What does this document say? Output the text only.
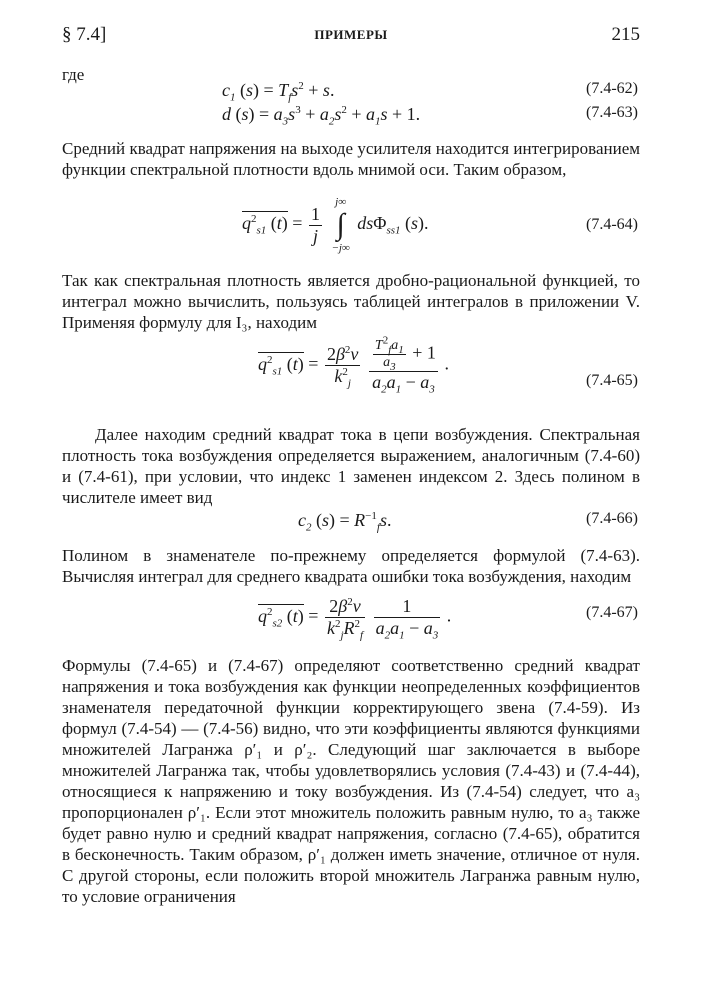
§ 7.4]	ПРИМЕРЫ	215
где
$c_1$ $(s) = T_fs^2 + s$.	(7.4-62)
d $(s) = a_3s^3 + a_2s^2 + a_1s + 1$.	(7.4-63)
Средний квадрат напряжения на выходе усилителя находится интегрированием функции спектральной плотности вдоль мнимой оси. Таким образом,
$q^2_{s1}$ $(t) = \frac{1}{j}$

j∞
∫
−j∞
dsΦ$_{ss1}$ (s).	(7.4-64)
Так как спектральная плотность является дробно-рациональной функцией, то интеграл можно вычислить, пользуясь таблицей интегралов в приложении V. Применяя формулу для I₃, находим
$q^2_{s1}$ $(t) = \frac{2\beta^2\nu}{k^2_j}$
$\frac{\frac{T^2_fa_1}{a_3} + 1}{a_2a_1 - a_3}$ .
(7.4-65)
Далее находим средний квадрат тока в цепи возбуждения. Спектральная плотность тока возбуждения определяется выражением, аналогичным (7.4-60) и (7.4-61), при условии, что индекс 1 заменен индексом 2. Здесь полином в числителе имеет вид
$c_2$ $(s) = R^{-1}_fs$.	(7.4-66)
Полином в знаменателе по-прежнему определяется формулой (7.4-63). Вычисляя интеграл для среднего квадрата ошибки тока возбуждения, находим
$q^2_{s2}$ $(t) = \frac{2\beta^2\nu}{k^2_jR^2_f}$
$\frac{1}{a_2a_1 - a_3}$ .	(7.4-67)
Формулы (7.4-65) и (7.4-67) определяют соответственно средний квадрат напряжения и тока возбуждения как функции неопределенных коэффициентов знаменателя передаточной функции корректирующего звена (7.4-59). Из формул (7.4-54) — (7.4-56) видно, что эти коэффициенты являются функциями множителей Лагранжа ρ′₁ и ρ′₂. Следующий шаг заключается в выборе множителей Лагранжа так, чтобы удовлетворялись условия (7.4-43) и (7.4-44), относящиеся к напряжению и току возбуждения. Из (7.4-54) следует, что a₃ пропорционален ρ′₁. Если этот множитель положить равным нулю, то a₃ также будет равно нулю и средний квадрат напряжения, согласно (7.4-65), обратится в бесконечность. Таким образом, ρ′₁ должен иметь значение, отличное от нуля. С другой стороны, если положить второй множитель Лагранжа равным нулю, то условие ограничения
